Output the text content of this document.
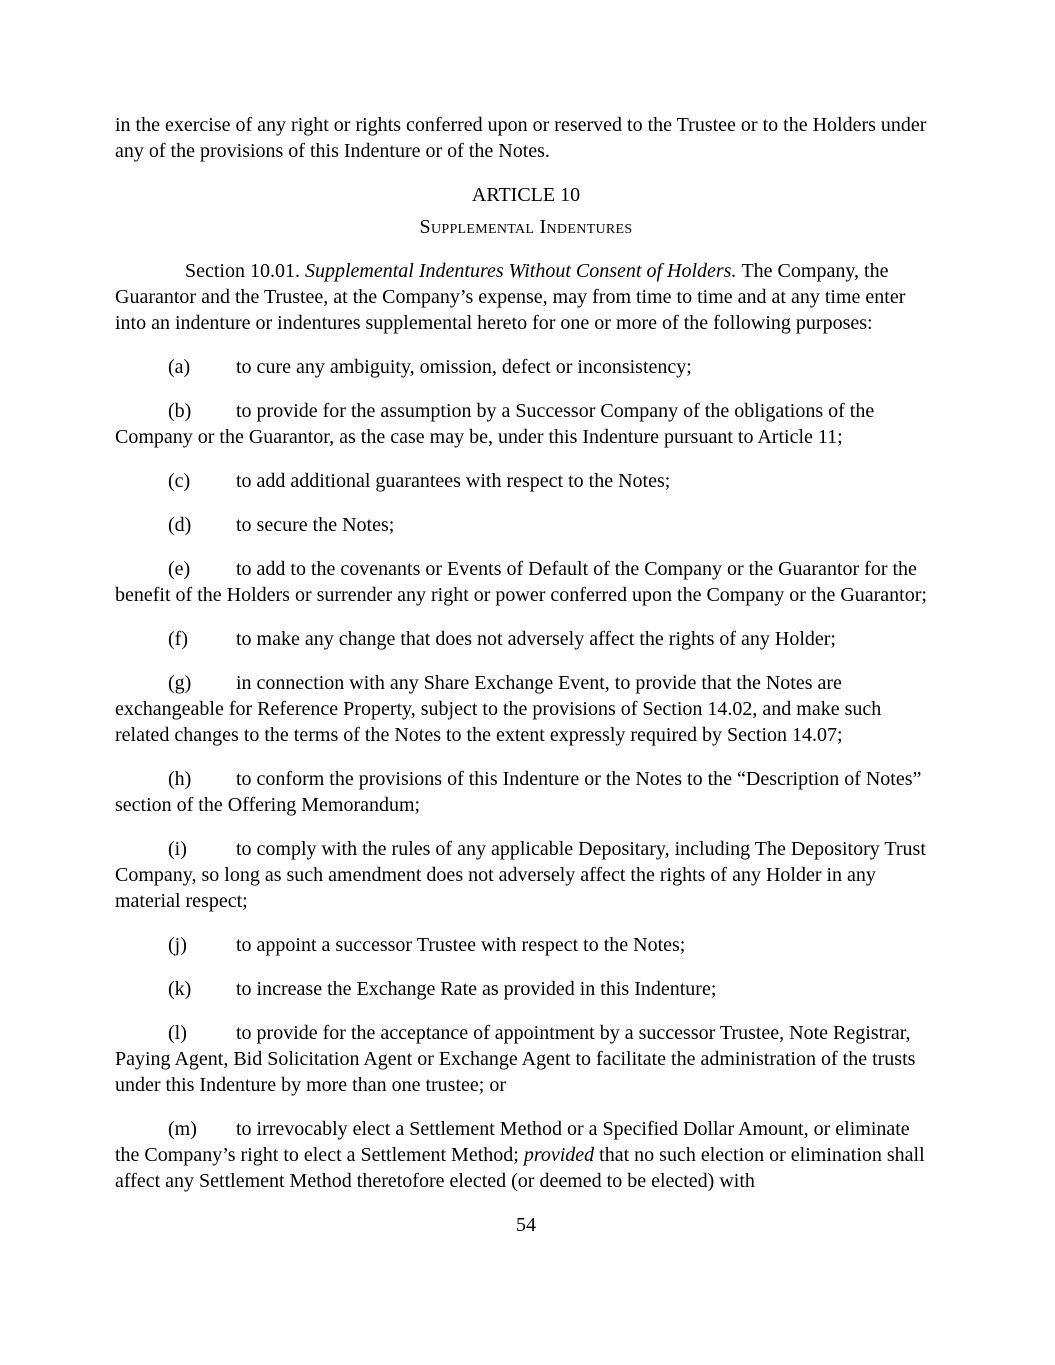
in the exercise of any right or rights conferred upon or reserved to the Trustee or to the Holders under any of the provisions of this Indenture or of the Notes.

ARTICLE 10
Supplemental Indentures

Section 10.01. Supplemental Indentures Without Consent of Holders. The Company, the Guarantor and the Trustee, at the Company’s expense, may from time to time and at any time enter into an indenture or indentures supplemental hereto for one or more of the following purposes:

(a) to cure any ambiguity, omission, defect or inconsistency;

(b) to provide for the assumption by a Successor Company of the obligations of the Company or the Guarantor, as the case may be, under this Indenture pursuant to Article 11;

(c) to add additional guarantees with respect to the Notes;

(d) to secure the Notes;

(e) to add to the covenants or Events of Default of the Company or the Guarantor for the benefit of the Holders or surrender any right or power conferred upon the Company or the Guarantor;

(f) to make any change that does not adversely affect the rights of any Holder;

(g) in connection with any Share Exchange Event, to provide that the Notes are exchangeable for Reference Property, subject to the provisions of Section 14.02, and make such related changes to the terms of the Notes to the extent expressly required by Section 14.07;

(h) to conform the provisions of this Indenture or the Notes to the “Description of Notes” section of the Offering Memorandum;

(i) to comply with the rules of any applicable Depositary, including The Depository Trust Company, so long as such amendment does not adversely affect the rights of any Holder in any material respect;

(j) to appoint a successor Trustee with respect to the Notes;

(k) to increase the Exchange Rate as provided in this Indenture;

(l) to provide for the acceptance of appointment by a successor Trustee, Note Registrar, Paying Agent, Bid Solicitation Agent or Exchange Agent to facilitate the administration of the trusts under this Indenture by more than one trustee; or

(m) to irrevocably elect a Settlement Method or a Specified Dollar Amount, or eliminate the Company’s right to elect a Settlement Method; provided that no such election or elimination shall affect any Settlement Method theretofore elected (or deemed to be elected) with

54
